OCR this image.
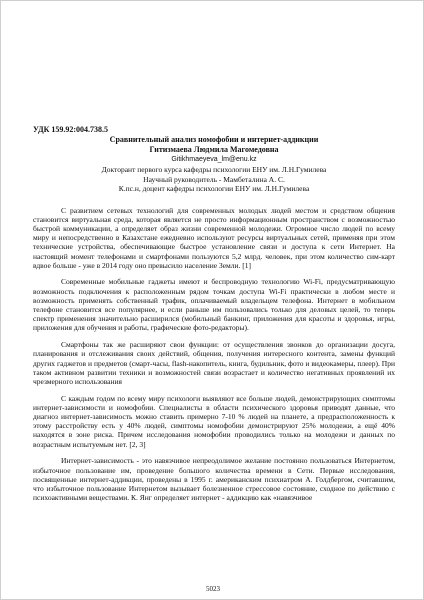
УДК 159.92:004.738.5
Сравнительный анализ номофобии и интернет-аддикции
Гитизмаева Людмила Магомедовна
Gitikhmaeyeva_lm@enu.kz
Докторант первого курса кафедры психологии ЕНУ им. Л.Н.Гумилева
Научный руководитель - Мамбеталина А. С.
К.пс.н, доцент кафедры психологии ЕНУ им. Л.Н.Гумилева

С развитием сетевых технологий для современных молодых людей местом и средством общения становится виртуальная среда, которая является не просто информационным пространством с возможностью быстрой коммуникации, а определяет образ жизни современной молодежи. Огромное число людей по всему миру и непосредственно в Казахстане ежедневно используют ресурсы виртуальных сетей, применяя при этом технические устройства, обеспечивающие быстрое установление связи и доступа к сети Интернет. На настоящий момент телефонами и смартфонами пользуются 5,2 млрд. человек, при этом количество сим-карт вдвое больше - уже в 2014 году оно превысило население Земли. [1]

Современные мобильные гаджеты имеют и беспроводную технологию Wi-Fi, предусматривающую возможность подключения к расположенным рядом точкам доступа Wi-Fi практически в любом месте и возможность применять собственный трафик, оплачиваемый владельцем телефона. Интернет в мобильном телефоне становится все популярнее, и если раньше им пользовались только для деловых целей, то теперь спектр применения значительно расширился (мобильный банкинг, приложения для красоты и здоровья, игры, приложения для обучения и работы, графические фото-редакторы).

Смартфоны так же расширяют свои функции: от осуществления звонков до организации досуга, планирования и отслеживания своих действий, общения, получения интересного контента, замены функций других гаджетов и предметов (смарт-часы, flash-накопитель, книга, будильник, фото и видеокамеры, плеер). При таком активном развитии техники и возможностей связи возрастает и количество негативных проявлений их чрезмерного использования

С каждым годом по всему миру психологи выявляют все больше людей, демонстрирующих симптомы интернет-зависимости и номофобии. Специалисты в области психического здоровья приводят данные, что диагноз интернет-зависимость можно ставить примерно 7-10 % людей на планете, а предрасположенность к этому расстройству есть у 40% людей, симптомы номофобии демонстрируют 25% молодежи, а ещё 40% находятся в зоне риска. Причем исследования номофобии проводились только на молодежи и данных по возрастным испытуемым нет. [2, 3]

Интернет-зависимость - это навязчивое непреодолимое желание постоянно пользоваться Интернетом, избыточное пользование им, проведение большого количества времени в Сети. Первые исследования, посвященные интернет-аддикции, проведены в 1995 г. американским психиатром А. Голдбергом, считавшим, что избыточное пользование Интернетом вызывает болезненное стрессовое состояние, сходное по действию с психоактивными веществами. К. Янг определяет интернет - аддикцию как «навязчивое

5023
